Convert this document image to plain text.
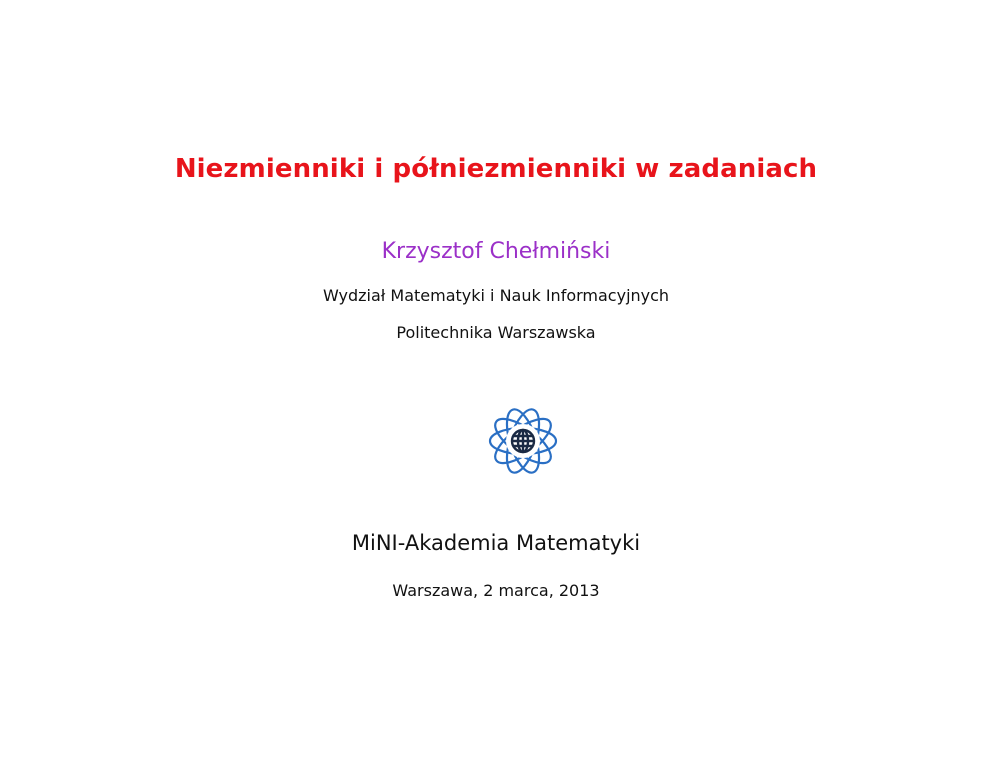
Niezmienniki i półniezmienniki w zadaniach
Krzysztof Chełmiński
Wydział Matematyki i Nauk Informacyjnych
Politechnika Warszawska
MiNI-Akademia Matematyki
Warszawa, 2 marca, 2013
